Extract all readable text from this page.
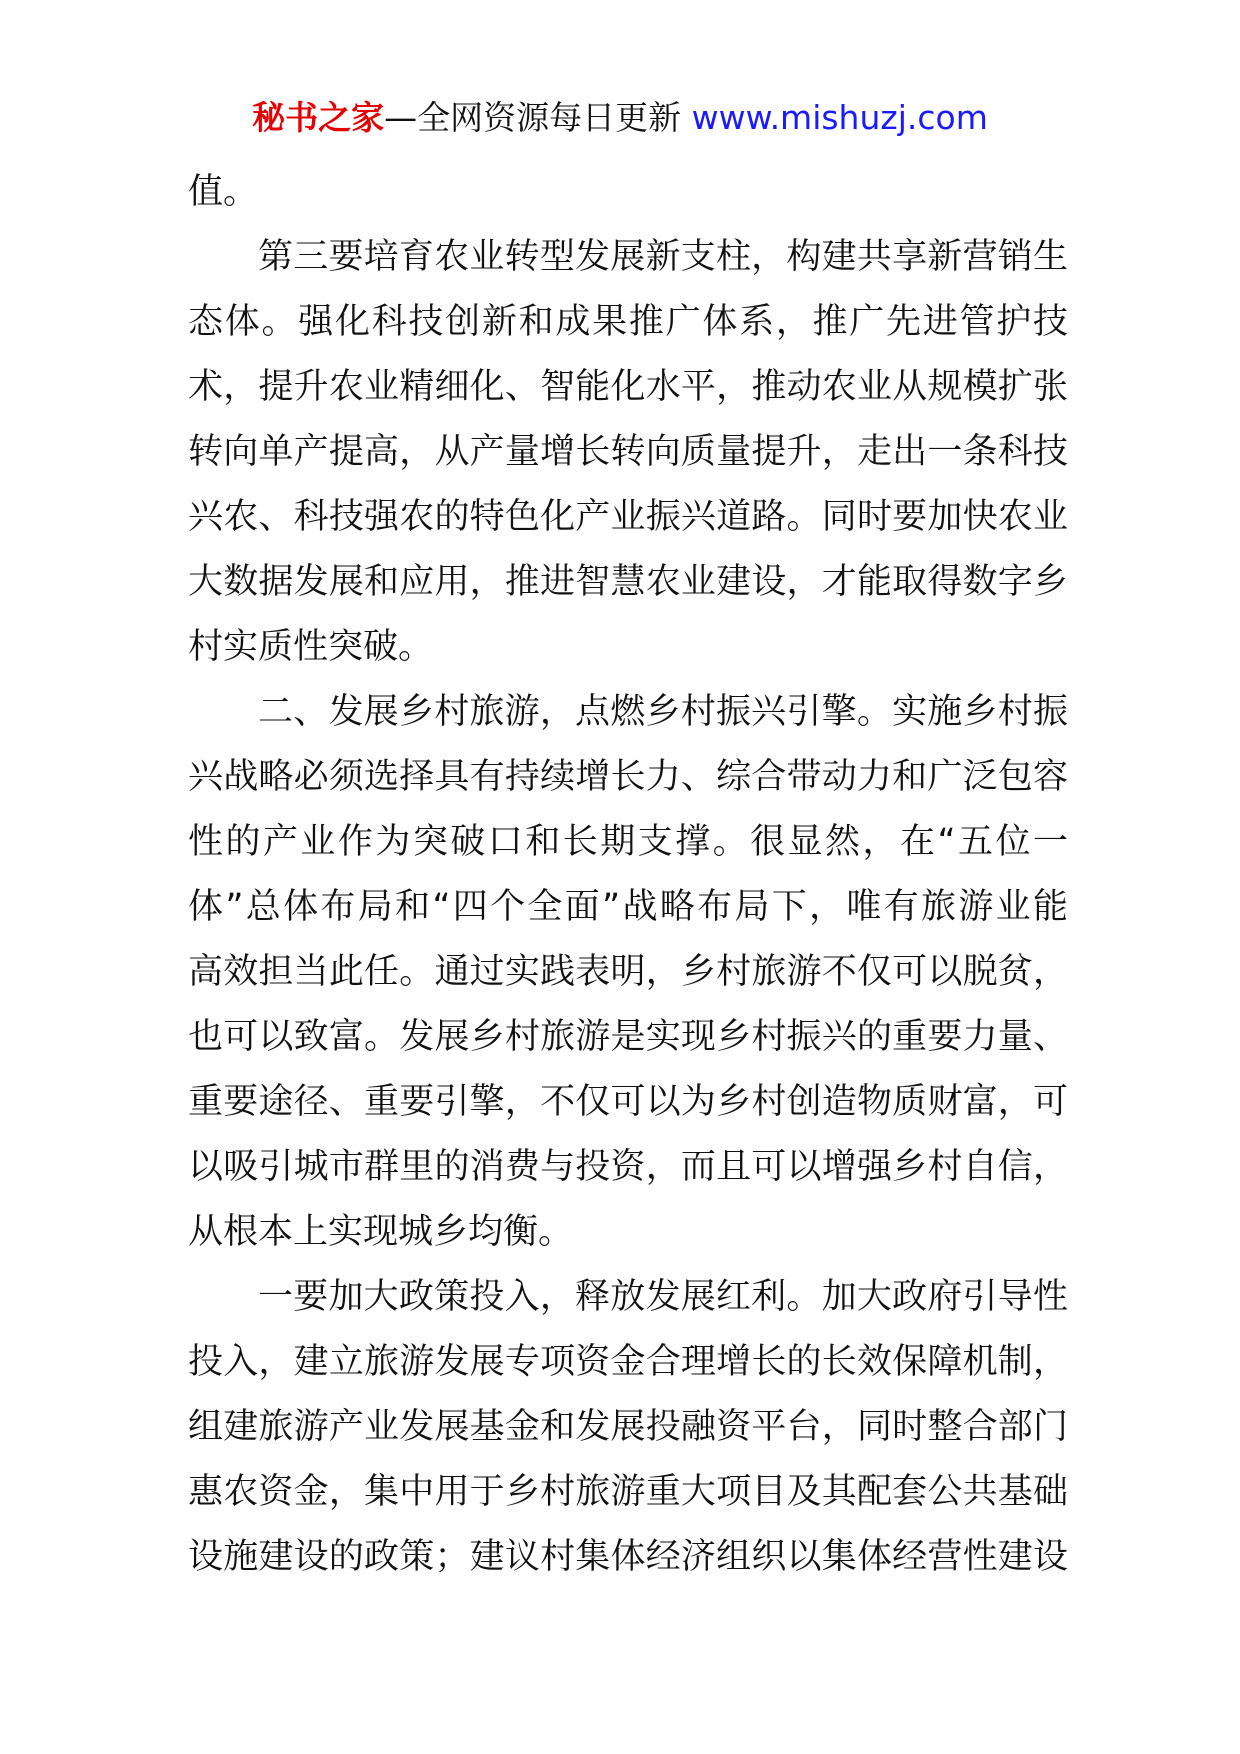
秘书之家—全网资源每日更新 www.mishuzj.com
值。
第三要培育农业转型发展新支柱，构建共享新营销生
态体。强化科技创新和成果推广体系，推广先进管护技
术，提升农业精细化、智能化水平，推动农业从规模扩张
转向单产提高，从产量增长转向质量提升，走出一条科技
兴农、科技强农的特色化产业振兴道路。同时要加快农业
大数据发展和应用，推进智慧农业建设，才能取得数字乡
村实质性突破。
二、发展乡村旅游，点燃乡村振兴引擎。实施乡村振
兴战略必须选择具有持续增长力、综合带动力和广泛包容
性的产业作为突破口和长期支撑。很显然，在“五位一
体”总体布局和“四个全面”战略布局下，唯有旅游业能
高效担当此任。通过实践表明，乡村旅游不仅可以脱贫，
也可以致富。发展乡村旅游是实现乡村振兴的重要力量、
重要途径、重要引擎，不仅可以为乡村创造物质财富，可
以吸引城市群里的消费与投资，而且可以增强乡村自信，
从根本上实现城乡均衡。
一要加大政策投入，释放发展红利。加大政府引导性
投入，建立旅游发展专项资金合理增长的长效保障机制，
组建旅游产业发展基金和发展投融资平台，同时整合部门
惠农资金，集中用于乡村旅游重大项目及其配套公共基础
设施建设的政策；建议村集体经济组织以集体经营性建设
